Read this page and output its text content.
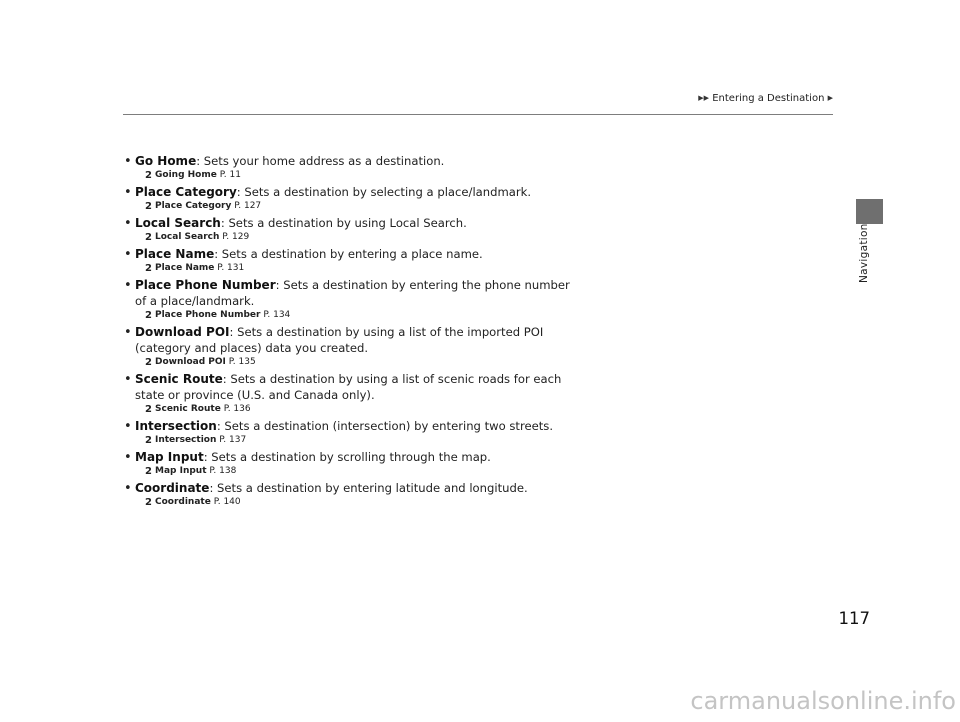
▶▶ Entering a Destination ▶
Navigation
• Go Home: Sets your home address as a destination.
2 Going Home P. 11
• Place Category: Sets a destination by selecting a place/landmark.
2 Place Category P. 127
• Local Search: Sets a destination by using Local Search.
2 Local Search P. 129
• Place Name: Sets a destination by entering a place name.
2 Place Name P. 131
• Place Phone Number: Sets a destination by entering the phone number of a place/landmark.
2 Place Phone Number P. 134
• Download POI: Sets a destination by using a list of the imported POI (category and places) data you created.
2 Download POI P. 135
• Scenic Route: Sets a destination by using a list of scenic roads for each state or province (U.S. and Canada only).
2 Scenic Route P. 136
• Intersection: Sets a destination (intersection) by entering two streets.
2 Intersection P. 137
• Map Input: Sets a destination by scrolling through the map.
2 Map Input P. 138
• Coordinate: Sets a destination by entering latitude and longitude.
2 Coordinate P. 140
117
carmanualsonline.info
